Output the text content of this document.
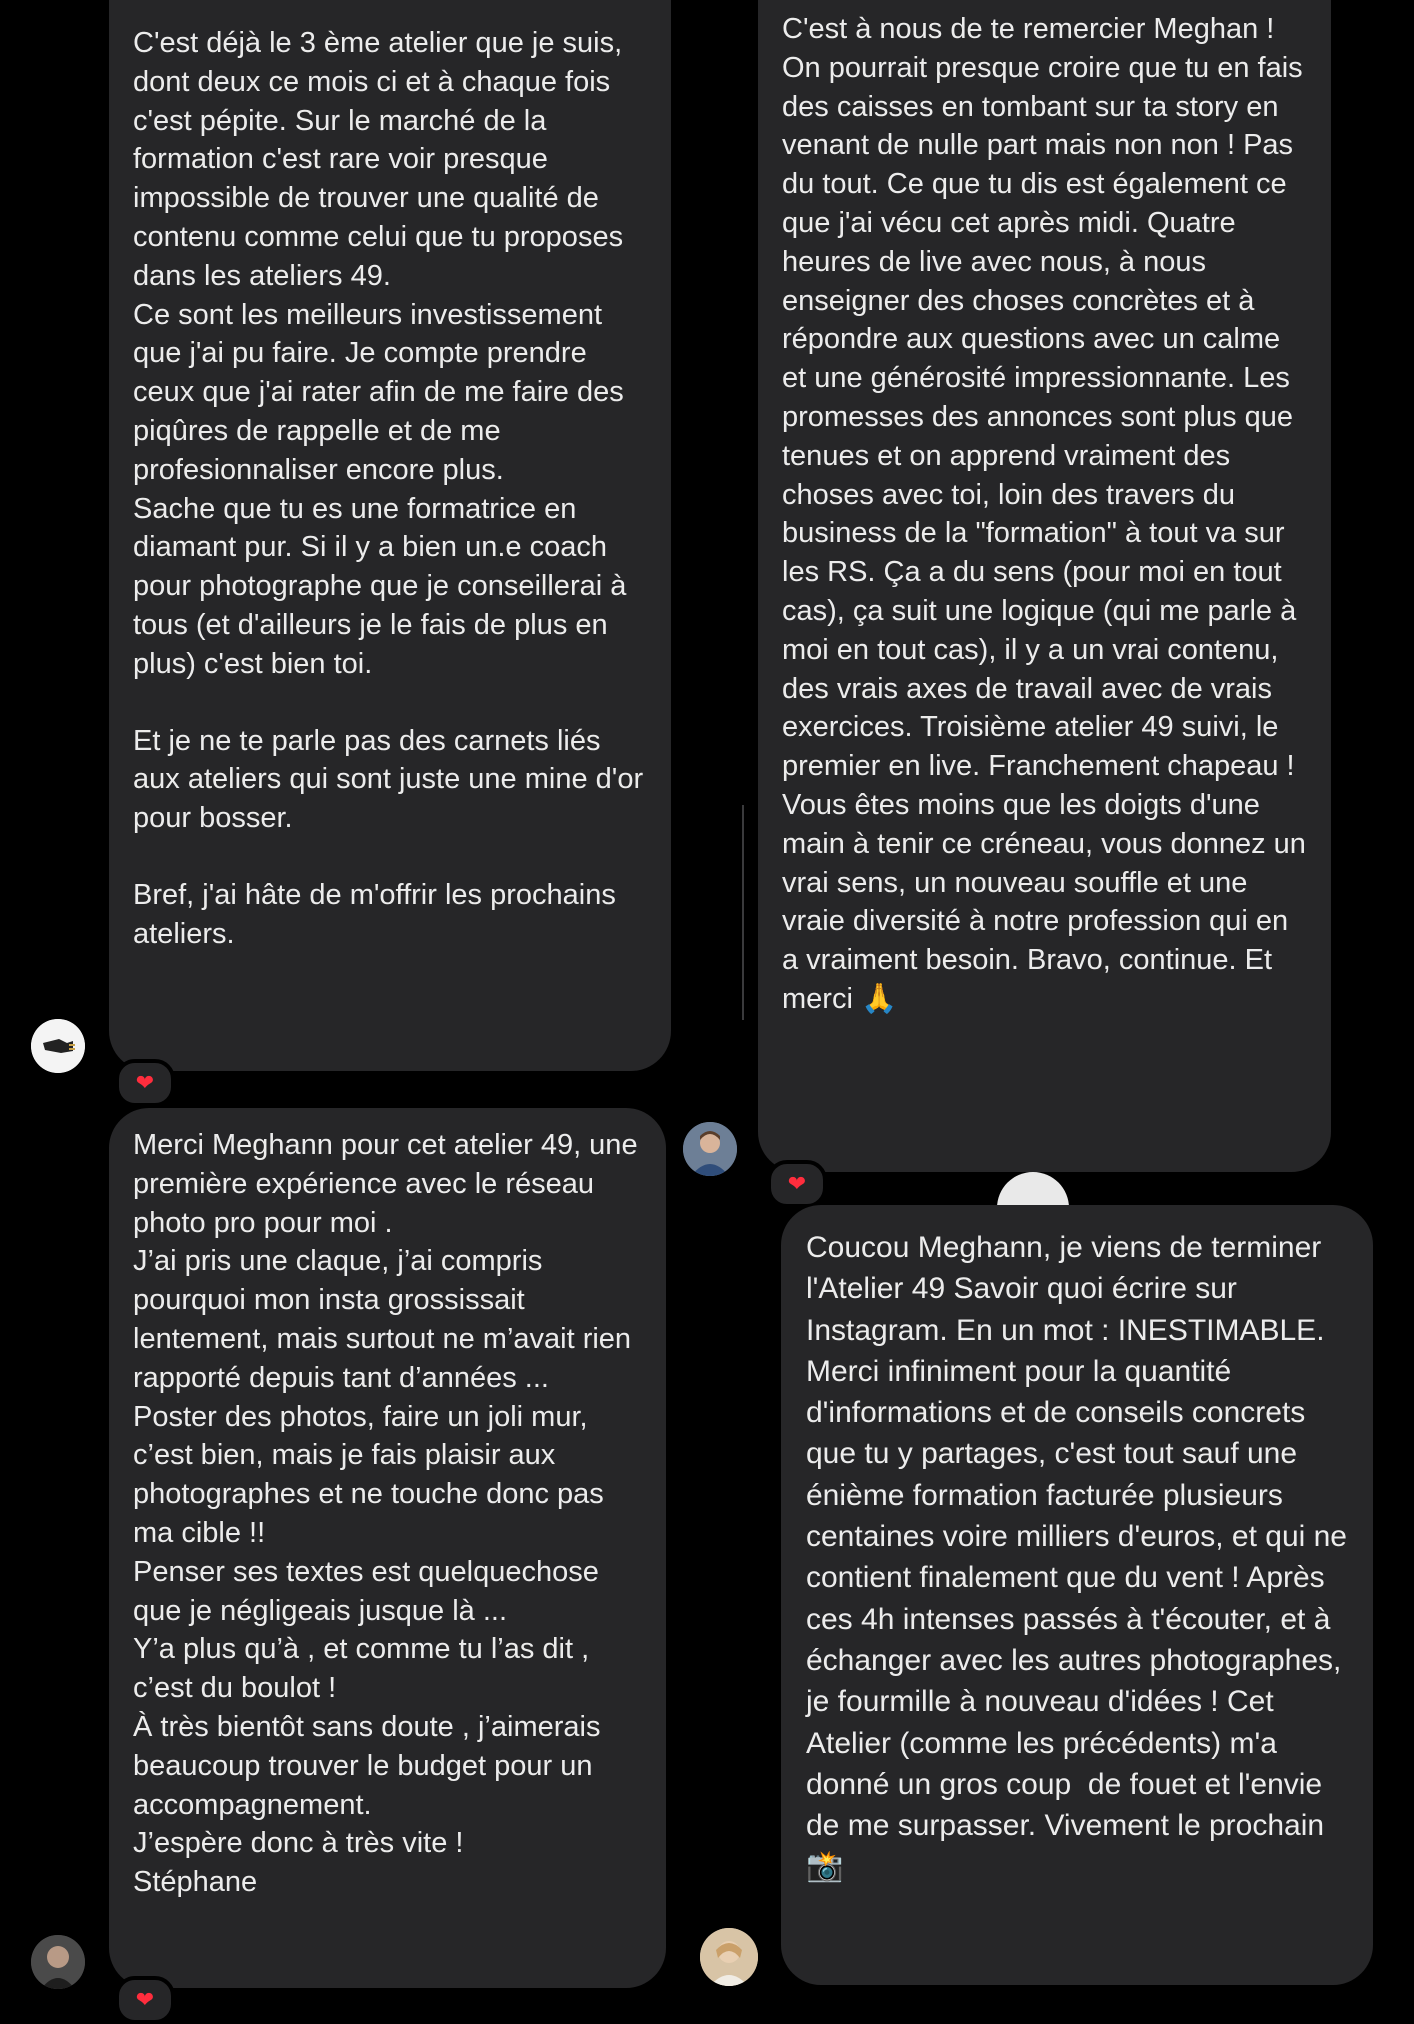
C'est déjà le 3 ème atelier que je suis, dont deux ce mois ci et à chaque fois c'est pépite. Sur le marché de la formation c'est rare voir presque impossible de trouver une qualité de contenu comme celui que tu proposes dans les ateliers 49.

Ce sont les meilleurs investissement que j'ai pu faire. Je compte prendre ceux que j'ai rater afin de me faire des piqûres de rappelle et de me profesionnaliser encore plus.

Sache que tu es une formatrice en diamant pur. Si il y a bien un.e coach pour photographe que je conseillerai à tous (et d'ailleurs je le fais de plus en plus) c'est bien toi.

Et je ne te parle pas des carnets liés aux ateliers qui sont juste une mine d'or pour bosser.

Bref, j'ai hâte de m'offrir les prochains ateliers.

❤

C'est à nous de te remercier Meghan ! On pourrait presque croire que tu en fais des caisses en tombant sur ta story en venant de nulle part mais non non ! Pas du tout. Ce que tu dis est également ce que j'ai vécu cet après midi. Quatre heures de live avec nous, à nous enseigner des choses concrètes et à répondre aux questions avec un calme et une générosité impressionnante. Les promesses des annonces sont plus que tenues et on apprend vraiment des choses avec toi, loin des travers du business de la "formation" à tout va sur les RS. Ça a du sens (pour moi en tout cas), ça suit une logique (qui me parle à moi en tout cas), il y a un vrai contenu, des vrais axes de travail avec de vrais exercices. Troisième atelier 49 suivi, le premier en live. Franchement chapeau ! Vous êtes moins que les doigts d'une main à tenir ce créneau, vous donnez un vrai sens, un nouveau souffle et une vraie diversité à notre profession qui en a vraiment besoin. Bravo, continue. Et merci 🙏

❤

Merci Meghann pour cet atelier 49, une première expérience avec le réseau photo pro pour moi .

J’ai pris une claque, j’ai compris pourquoi mon insta grossissait lentement, mais surtout ne m’avait rien rapporté depuis tant d’années ...

Poster des photos, faire un joli mur, c’est bien, mais je fais plaisir aux photographes et ne touche donc pas ma cible !!

Penser ses textes est quelquechose que je négligeais jusque là ...

Y’a plus qu’à , et comme tu l’as dit , c’est du boulot !

À très bientôt sans doute , j’aimerais beaucoup trouver le budget pour un accompagnement.

J’espère donc à très vite !

Stéphane

❤

Coucou Meghann, je viens de terminer l'Atelier 49 Savoir quoi écrire sur Instagram. En un mot : INESTIMABLE. Merci infiniment pour la quantité d'informations et de conseils concrets que tu y partages, c'est tout sauf une énième formation facturée plusieurs centaines voire milliers d'euros, et qui ne contient finalement que du vent ! Après ces 4h intenses passés à t'écouter, et à échanger avec les autres photographes, je fourmille à nouveau d'idées ! Cet Atelier (comme les précédents) m'a donné un gros coup  de fouet et l'envie de me surpasser. Vivement le prochain 📸
